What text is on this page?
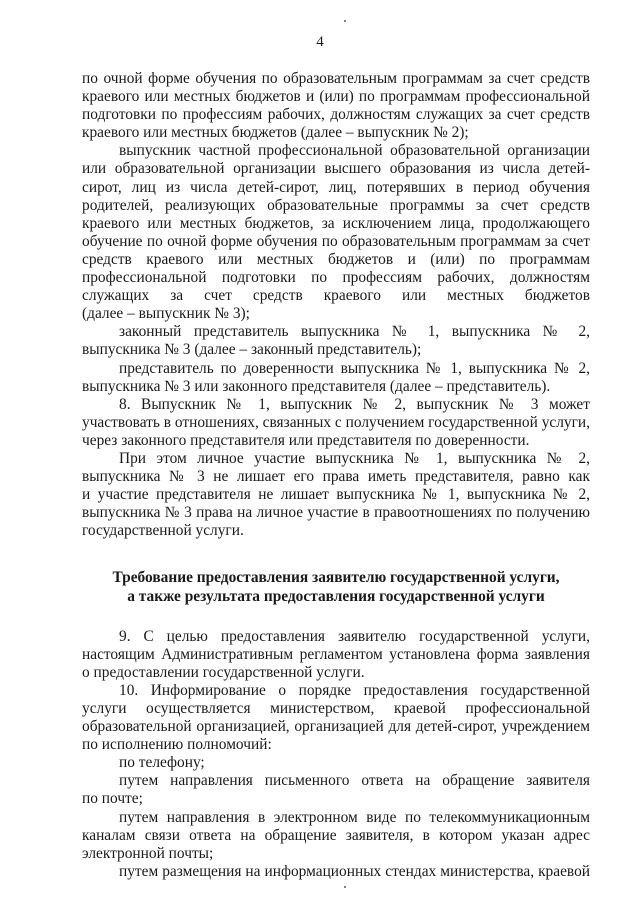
4

по очной форме обучения по образовательным программам за счет средств
краевого или местных бюджетов и (или) по программам профессиональной
подготовки по профессиям рабочих, должностям служащих за счет средств
краевого или местных бюджетов (далее – выпускник № 2);

выпускник частной профессиональной образовательной организации
или образовательной организации высшего образования из числа детей-
сирот, лиц из числа детей-сирот, лиц, потерявших в период обучения
родителей, реализующих образовательные программы за счет средств
краевого или местных бюджетов, за исключением лица, продолжающего
обучение по очной форме обучения по образовательным программам за счет
средств краевого или местных бюджетов и (или) по программам
профессиональной подготовки по профессиям рабочих, должностям
служащих за счет средств краевого или местных бюджетов
(далее – выпускник № 3);

законный представитель выпускника № 1, выпускника № 2,
выпускника № 3 (далее – законный представитель);

представитель по доверенности выпускника № 1, выпускника № 2,
выпускника № 3 или законного представителя (далее – представитель).

8. Выпускник № 1, выпускник № 2, выпускник № 3 может
участвовать в отношениях, связанных с получением государственной услуги,
через законного представителя или представителя по доверенности.

При этом личное участие выпускника № 1, выпускника № 2,
выпускника № 3 не лишает его права иметь представителя, равно как
и участие представителя не лишает выпускника № 1, выпускника № 2,
выпускника № 3 права на личное участие в правоотношениях по получению
государственной услуги.

Требование предоставления заявителю государственной услуги,
а также результата предоставления государственной услуги

9. С целью предоставления заявителю государственной услуги,
настоящим Административным регламентом установлена форма заявления
о предоставлении государственной услуги.

10. Информирование о порядке предоставления государственной
услуги осуществляется министерством, краевой профессиональной
образовательной организацией, организацией для детей-сирот, учреждением
по исполнению полномочий:

по телефону;

путем направления письменного ответа на обращение заявителя
по почте;

путем направления в электронном виде по телекоммуникационным
каналам связи ответа на обращение заявителя, в котором указан адрес
электронной почты;

путем размещения на информационных стендах министерства, краевой
